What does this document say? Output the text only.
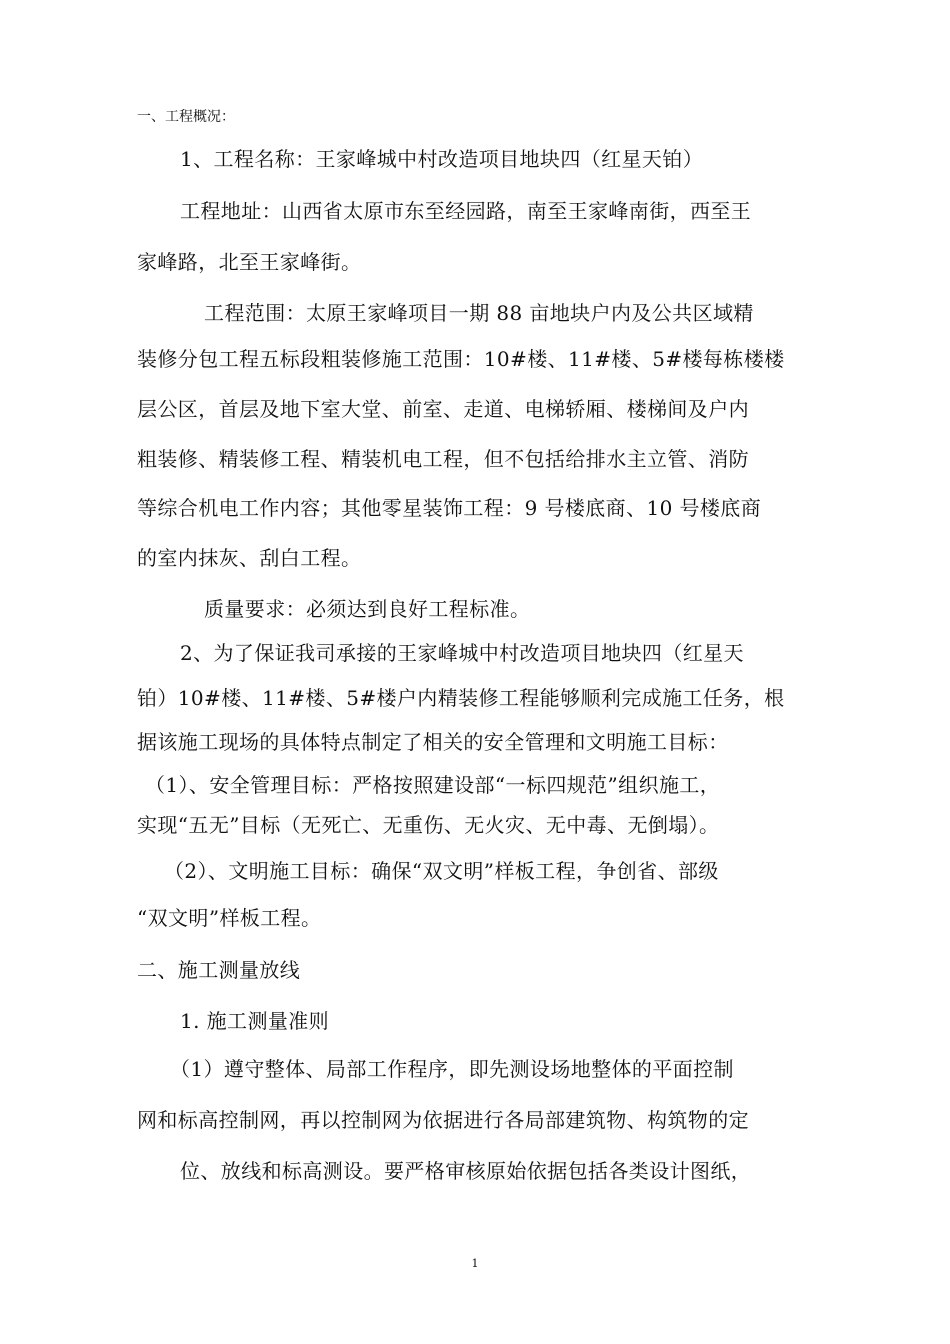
一、工程概况：
1、工程名称：王家峰城中村改造项目地块四（红星天铂）
工程地址：山西省太原市东至经园路，南至王家峰南街，西至王
家峰路，北至王家峰街。
工程范围：太原王家峰项目一期 88 亩地块户内及公共区域精
装修分包工程五标段粗装修施工范围：10#楼、11#楼、5#楼每栋楼楼
层公区，首层及地下室大堂、前室、走道、电梯轿厢、楼梯间及户内
粗装修、精装修工程、精装机电工程，但不包括给排水主立管、消防
等综合机电工作内容；其他零星装饰工程：9 号楼底商、10 号楼底商
的室内抹灰、刮白工程。
质量要求：必须达到良好工程标准。
2、为了保证我司承接的王家峰城中村改造项目地块四（红星天
铂）10#楼、11#楼、5#楼户内精装修工程能够顺利完成施工任务，根
据该施工现场的具体特点制定了相关的安全管理和文明施工目标：
（1）、安全管理目标：严格按照建设部“一标四规范”组织施工，
实现“五无”目标（无死亡、无重伤、无火灾、无中毒、无倒塌）。
（2）、文明施工目标：确保“双文明”样板工程，争创省、部级
“双文明”样板工程。
二、施工测量放线
1. 施工测量准则
（1）遵守整体、局部工作程序，即先测设场地整体的平面控制
网和标高控制网，再以控制网为依据进行各局部建筑物、构筑物的定
位、放线和标高测设。要严格审核原始依据包括各类设计图纸，
1
